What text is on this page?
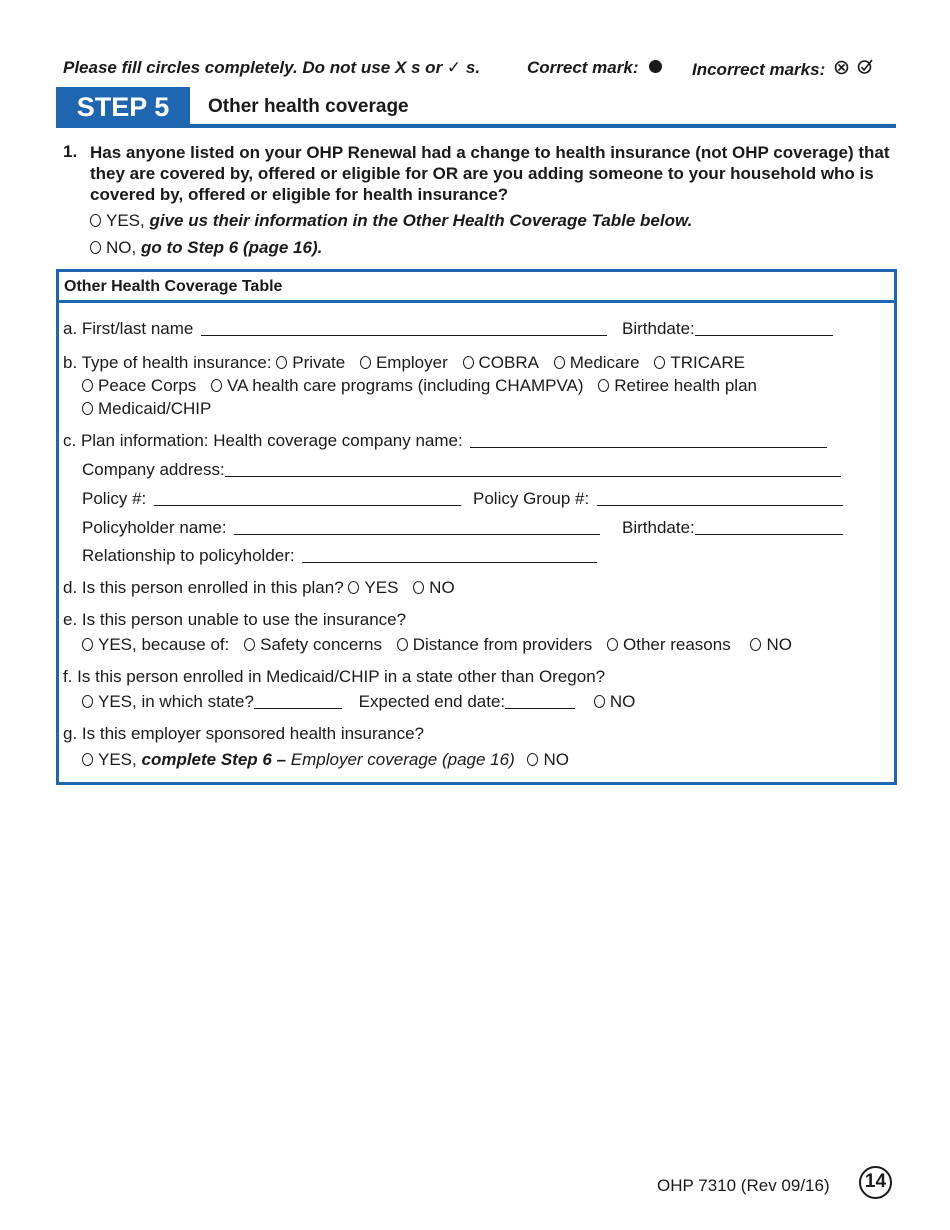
Please fill circles completely. Do not use X s or ✓ s.	Correct mark:	Incorrect marks:
STEP 5	Other health coverage
1. Has anyone listed on your OHP Renewal had a change to health insurance (not OHP coverage) that they are covered by, offered or eligible for OR are you adding someone to your household who is covered by, offered or eligible for health insurance?
YES, give us their information in the Other Health Coverage Table below.
NO, go to Step 6 (page 16).
Other Health Coverage Table
a. First/last name	Birthdate:
b. Type of health insurance: Private Employer COBRA Medicare TRICARE
Peace Corps VA health care programs (including CHAMPVA) Retiree health plan
Medicaid/CHIP
c. Plan information: Health coverage company name:
Company address:
Policy #:	Policy Group #:
Policyholder name:	Birthdate:
Relationship to policyholder:
d. Is this person enrolled in this plan? YES NO
e. Is this person unable to use the insurance?
YES, because of: Safety concerns Distance from providers Other reasons NO
f. Is this person enrolled in Medicaid/CHIP in a state other than Oregon?
YES, in which state?	Expected end date:	NO
g. Is this employer sponsored health insurance?
YES, complete Step 6 – Employer coverage (page 16) NO
OHP 7310 (Rev 09/16)	14
